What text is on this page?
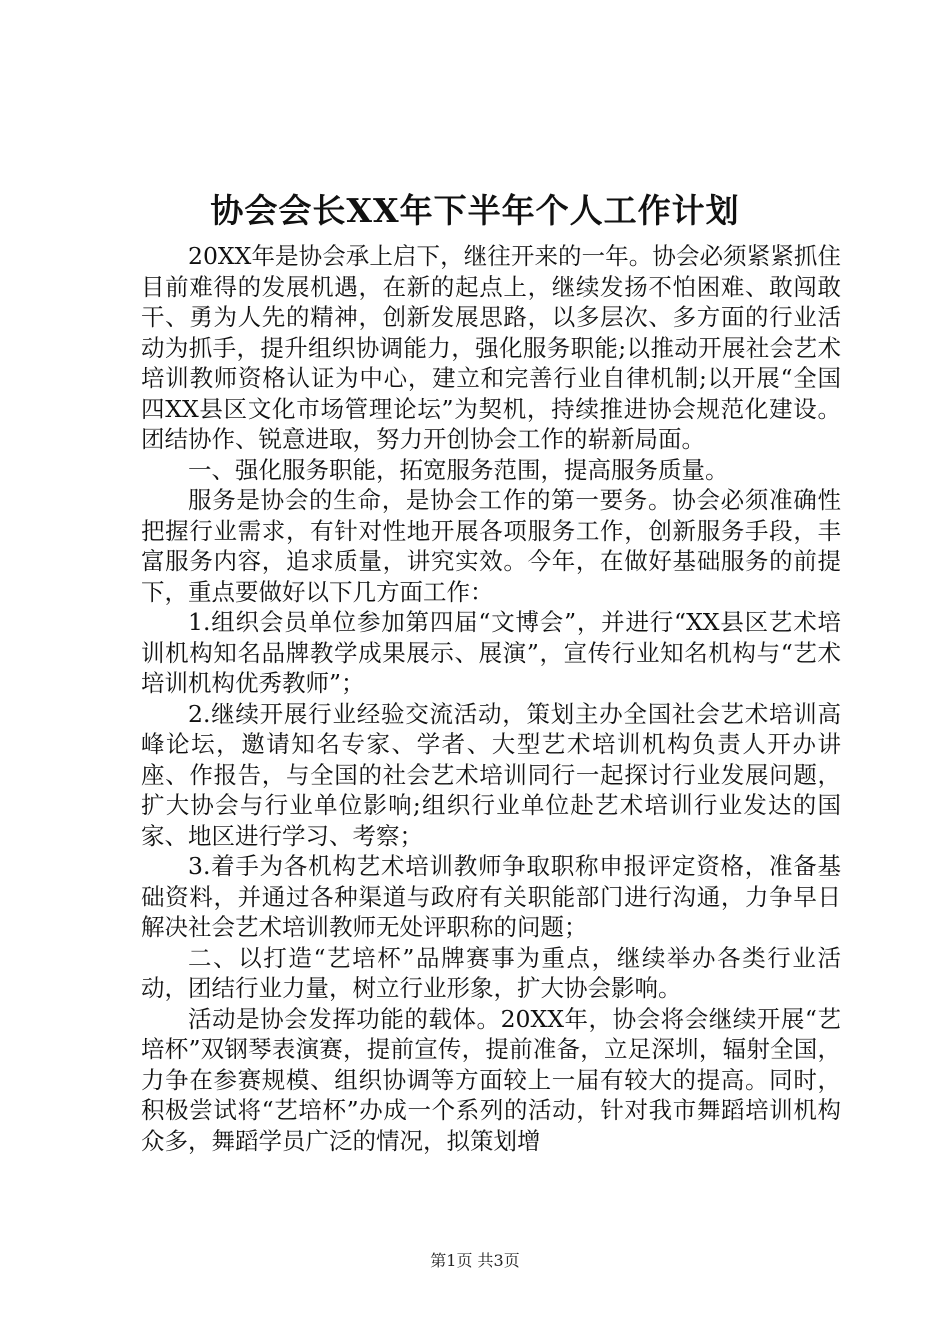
协会会长XX年下半年个人工作计划

20XX年是协会承上启下，继往开来的一年。协会必须紧紧抓住目前难得的发展机遇，在新的起点上，继续发扬不怕困难、敢闯敢干、勇为人先的精神，创新发展思路，以多层次、多方面的行业活动为抓手，提升组织协调能力，强化服务职能;以推动开展社会艺术培训教师资格认证为中心，建立和完善行业自律机制;以开展“全国四XX县区文化市场管理论坛”为契机，持续推进协会规范化建设。团结协作、锐意进取，努力开创协会工作的崭新局面。

一、强化服务职能，拓宽服务范围，提高服务质量。

服务是协会的生命，是协会工作的第一要务。协会必须准确性把握行业需求，有针对性地开展各项服务工作，创新服务手段，丰富服务内容，追求质量，讲究实效。今年，在做好基础服务的前提下，重点要做好以下几方面工作：

1.组织会员单位参加第四届“文博会”，并进行“XX县区艺术培训机构知名品牌教学成果展示、展演”，宣传行业知名机构与“艺术培训机构优秀教师”；

2.继续开展行业经验交流活动，策划主办全国社会艺术培训高峰论坛，邀请知名专家、学者、大型艺术培训机构负责人开办讲座、作报告，与全国的社会艺术培训同行一起探讨行业发展问题，扩大协会与行业单位影响;组织行业单位赴艺术培训行业发达的国家、地区进行学习、考察；

3.着手为各机构艺术培训教师争取职称申报评定资格，准备基础资料，并通过各种渠道与政府有关职能部门进行沟通，力争早日解决社会艺术培训教师无处评职称的问题；

二、以打造“艺培杯”品牌赛事为重点，继续举办各类行业活动，团结行业力量，树立行业形象，扩大协会影响。

活动是协会发挥功能的载体。20XX年，协会将会继续开展“艺培杯”双钢琴表演赛，提前宣传，提前准备，立足深圳，辐射全国，力争在参赛规模、组织协调等方面较上一届有较大的提高。同时，积极尝试将“艺培杯”办成一个系列的活动，针对我市舞蹈培训机构众多，舞蹈学员广泛的情况，拟策划增

第1页 共3页
